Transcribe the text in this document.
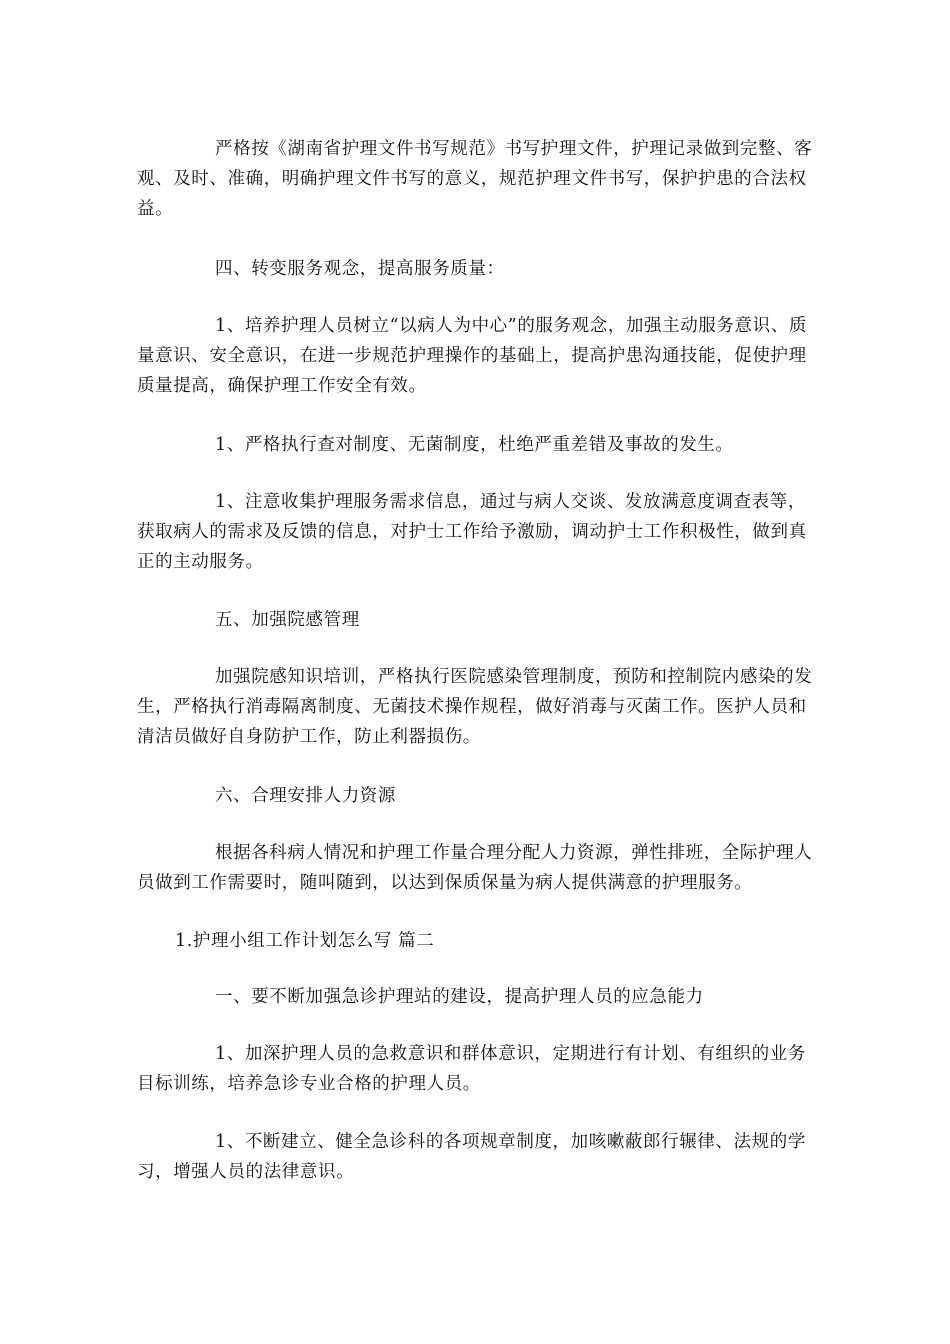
严格按《湖南省护理文件书写规范》书写护理文件，护理记录做到完整、客观、及时、准确，明确护理文件书写的意义，规范护理文件书写，保护护患的合法权益。

四、转变服务观念，提高服务质量：

1、培养护理人员树立“以病人为中心”的服务观念，加强主动服务意识、质量意识、安全意识，在进一步规范护理操作的基础上，提高护患沟通技能，促使护理质量提高，确保护理工作安全有效。

1、严格执行查对制度、无菌制度，杜绝严重差错及事故的发生。

1、注意收集护理服务需求信息，通过与病人交谈、发放满意度调查表等，获取病人的需求及反馈的信息，对护士工作给予激励，调动护士工作积极性，做到真正的主动服务。

五、加强院感管理

加强院感知识培训，严格执行医院感染管理制度，预防和控制院内感染的发生，严格执行消毒隔离制度、无菌技术操作规程，做好消毒与灭菌工作。医护人员和清洁员做好自身防护工作，防止利器损伤。

六、合理安排人力资源

根据各科病人情况和护理工作量合理分配人力资源，弹性排班，全际护理人员做到工作需要时，随叫随到，以达到保质保量为病人提供满意的护理服务。

1.护理小组工作计划怎么写 篇二

一、要不断加强急诊护理站的建设，提高护理人员的应急能力

1、加深护理人员的急救意识和群体意识，定期进行有计划、有组织的业务目标训练，培养急诊专业合格的护理人员。

1、不断建立、健全急诊科的各项规章制度，加咳嗽蔽郎行辗律、法规的学习，增强人员的法律意识。
